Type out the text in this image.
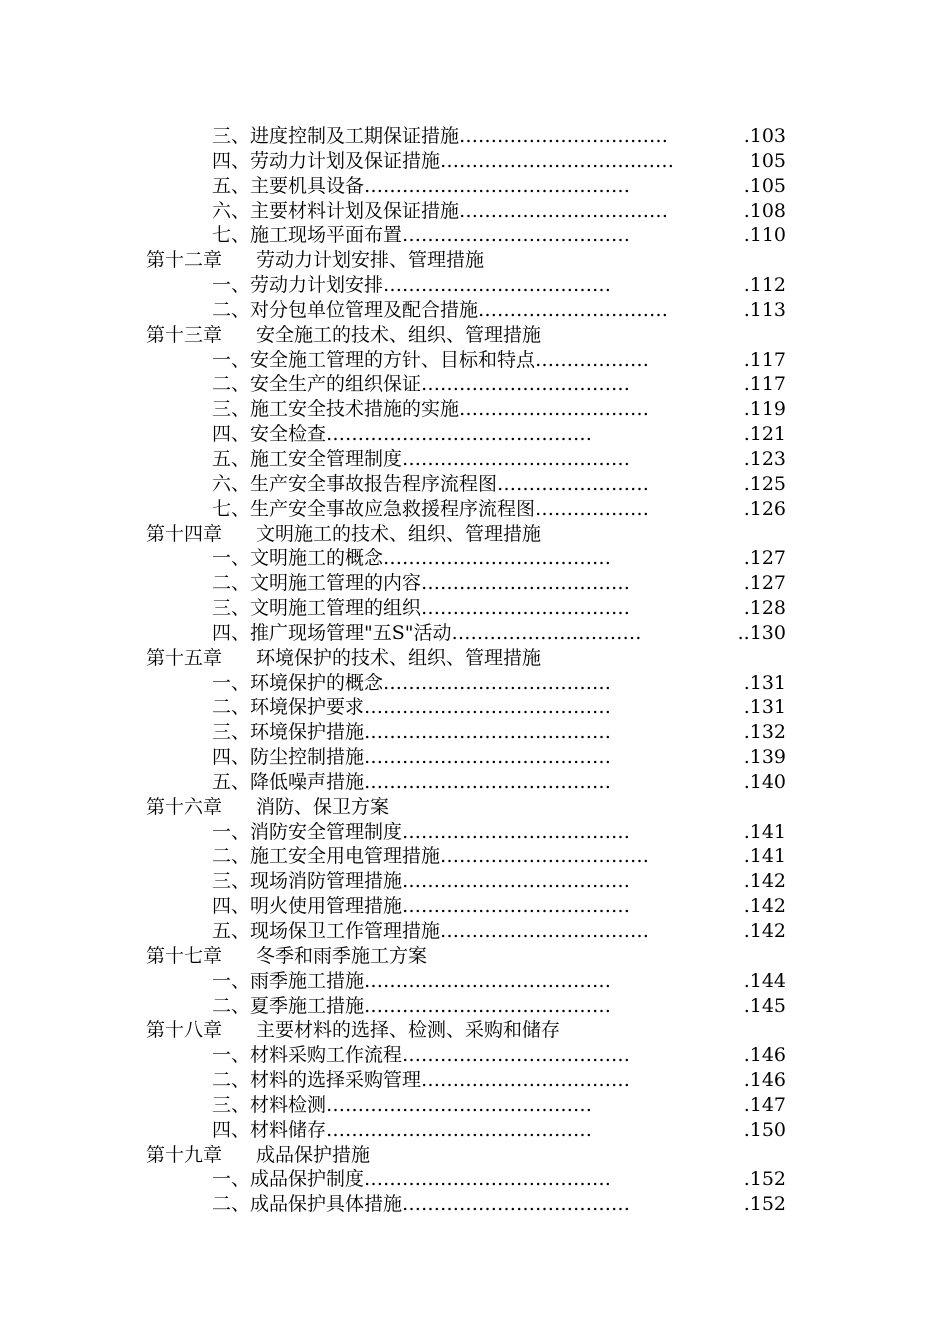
三、进度控制及工期保证措施 ……………………………	.103
四、劳动力计划及保证措施 ………………………….……	105
五、主要机具设备 ……………………………………	.105
六、主要材料计划及保证措施 ……………………………	.108
七、施工现场平面布置 ………………………………	.110
第十二章 劳动力计划安排、管理措施
一、劳动力计划安排 ………………………………	.112
二、对分包单位管理及配合措施 …………………………	.113
第十三章 安全施工的技术、组织、管理措施
一、安全施工管理的方针、目标和特点 ………………	.117
二、安全生产的组织保证 ……………………………	.117
三、施工安全技术措施的实施 …………………………	.119
四、安全检查 ……………………………………	.121
五、施工安全管理制度 ………………………………	.123
六、生产安全事故报告程序流程图 ……………………	.125
七、生产安全事故应急救援程序流程图 ………………	.126
第十四章 文明施工的技术、组织、管理措施
一、文明施工的概念 ………………………………	.127
二、文明施工管理的内容 ……………………………	.127
三、文明施工管理的组织 ……………………………	.128
四、推广现场管理"五S"活动 …………………………	..130
第十五章 环境保护的技术、组织、管理措施
一、环境保护的概念 ………………………………	.131
二、环境保护要求 …………………………………	.131
三、环境保护措施 …………………………………	.132
四、防尘控制措施 …………………………………	.139
五、降低噪声措施 …………………………………	.140
第十六章 消防、保卫方案
一、消防安全管理制度 ………………………………	.141
二、施工安全用电管理措施 ……………………………	.141
三、现场消防管理措施 ………………………………	.142
四、明火使用管理措施 ………………………………	.142
五、现场保卫工作管理措施 ……………………………	.142
第十七章 冬季和雨季施工方案
一、雨季施工措施 …………………………………	.144
二、夏季施工措施 …………………………………	.145
第十八章 主要材料的选择、检测、采购和储存
一、材料采购工作流程 ………………………………	.146
二、材料的选择采购管理 ……………………………	.146
三、材料检测 ……………………………………	.147
四、材料储存 ……………………………………	.150
第十九章 成品保护措施
一、成品保护制度 …………………………………	.152
二、成品保护具体措施 ………………………………	.152
